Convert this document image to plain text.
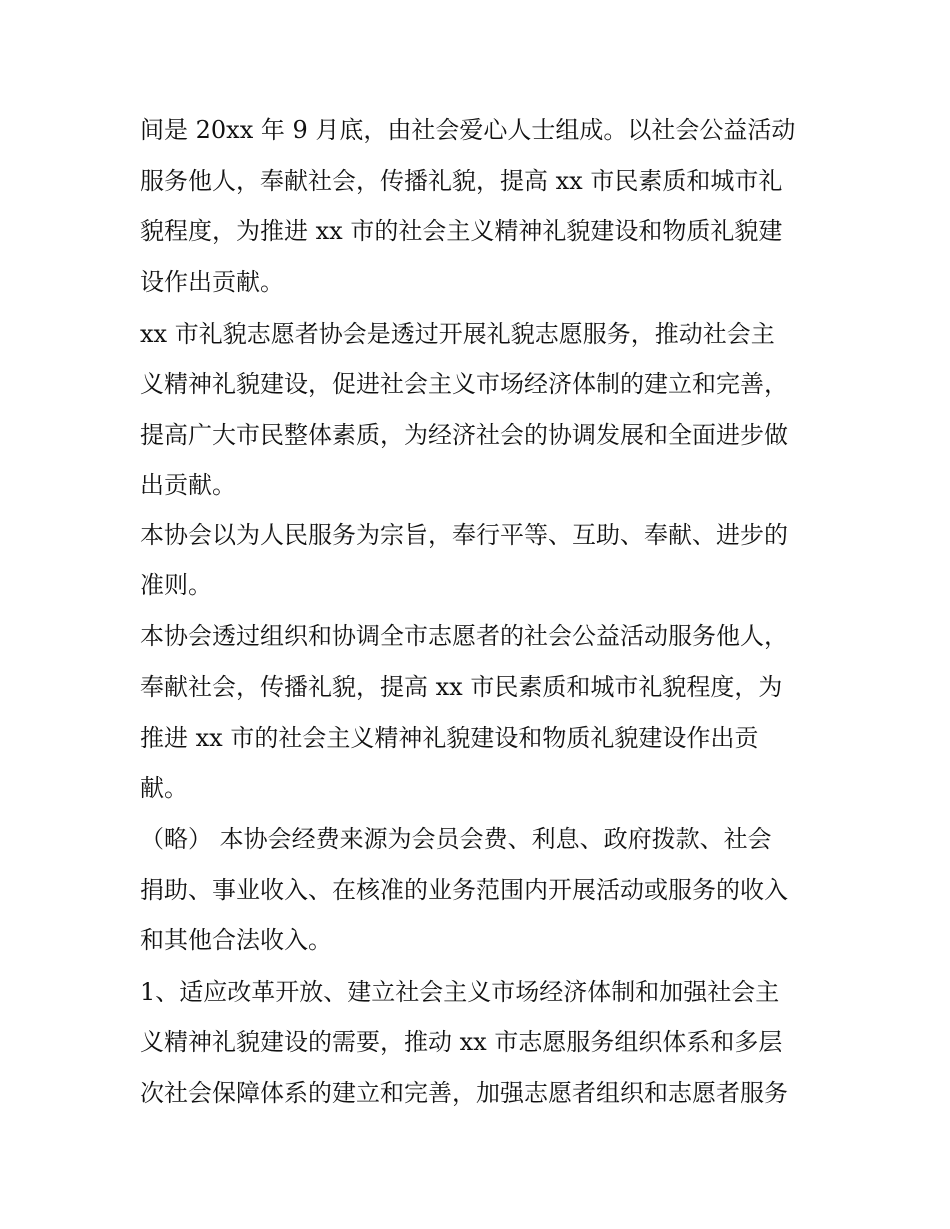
间是 20xx 年 9 月底，由社会爱心人士组成。以社会公益活动
服务他人，奉献社会，传播礼貌，提高 xx 市民素质和城市礼
貌程度，为推进 xx 市的社会主义精神礼貌建设和物质礼貌建
设作出贡献。
xx 市礼貌志愿者协会是透过开展礼貌志愿服务，推动社会主
义精神礼貌建设，促进社会主义市场经济体制的建立和完善，
提高广大市民整体素质，为经济社会的协调发展和全面进步做
出贡献。
本协会以为人民服务为宗旨，奉行平等、互助、奉献、进步的
准则。
本协会透过组织和协调全市志愿者的社会公益活动服务他人，
奉献社会，传播礼貌，提高 xx 市民素质和城市礼貌程度，为
推进 xx 市的社会主义精神礼貌建设和物质礼貌建设作出贡
献。
（略） 本协会经费来源为会员会费、利息、政府拨款、社会
捐助、事业收入、在核准的业务范围内开展活动或服务的收入
和其他合法收入。
1、适应改革开放、建立社会主义市场经济体制和加强社会主
义精神礼貌建设的需要，推动 xx 市志愿服务组织体系和多层
次社会保障体系的建立和完善，加强志愿者组织和志愿者服务
